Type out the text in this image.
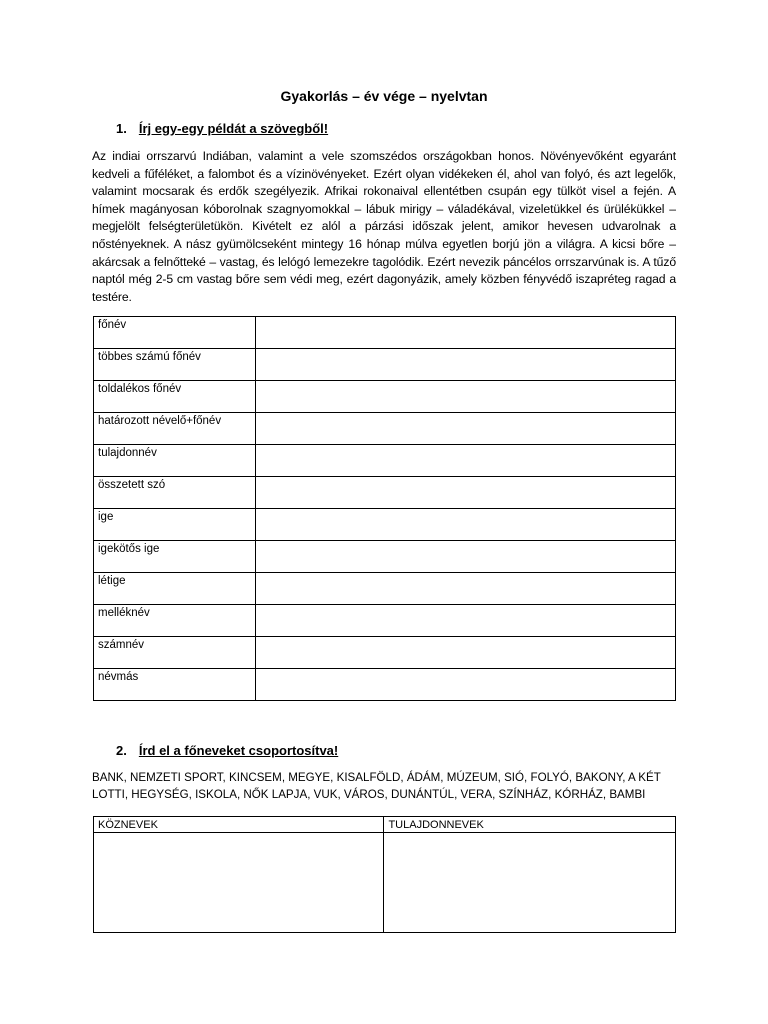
Gyakorlás – év vége – nyelvtan
1. Írj egy-egy példát a szövegből!
Az indiai orrszarvú Indiában, valamint a vele szomszédos országokban honos. Növényevőként egyaránt kedveli a fűféléket, a falombot és a vízinövényeket. Ezért olyan vidékeken él, ahol van folyó, és azt legelők, valamint mocsarak és erdők szegélyezik. Afrikai rokonaival ellentétben csupán egy tülköt visel a fején. A hímek magányosan kóborolnak szagnyomokkal – lábuk mirigy – váladékával, vizeletükkel és ürülékükkel – megjelölt felségterületükön. Kivételt ez alól a párzási időszak jelent, amikor hevesen udvarolnak a nőstényeknek. A nász gyümölcseként mintegy 16 hónap múlva egyetlen borjú jön a világra. A kicsi bőre – akárcsak a felnőtteké – vastag, és lelógó lemezekre tagolódik. Ezért nevezik páncélos orrszarvúnak is. A tűző naptól még 2-5 cm vastag bőre sem védi meg, ezért dagonyázik, amely közben fényvédő iszapréteg ragad a testére.
főnév	
többes számú főnév	
toldalékos főnév	
határozott névelő+főnév	
tulajdonnév	
összetett szó	
ige	
igekötős ige	
létige	
melléknév	
számnév	
névmás	
2. Írd el a főneveket csoportosítva!
BANK, NEMZETI SPORT, KINCSEM, MEGYE, KISALFÖLD, ÁDÁM, MÚZEUM, SIÓ, FOLYÓ, BAKONY, A KÉT LOTTI, HEGYSÉG, ISKOLA, NŐK LAPJA, VUK, VÁROS, DUNÁNTÚL, VERA, SZÍNHÁZ, KÓRHÁZ, BAMBI
KÖZNEVEK	TULAJDONNEVEK
